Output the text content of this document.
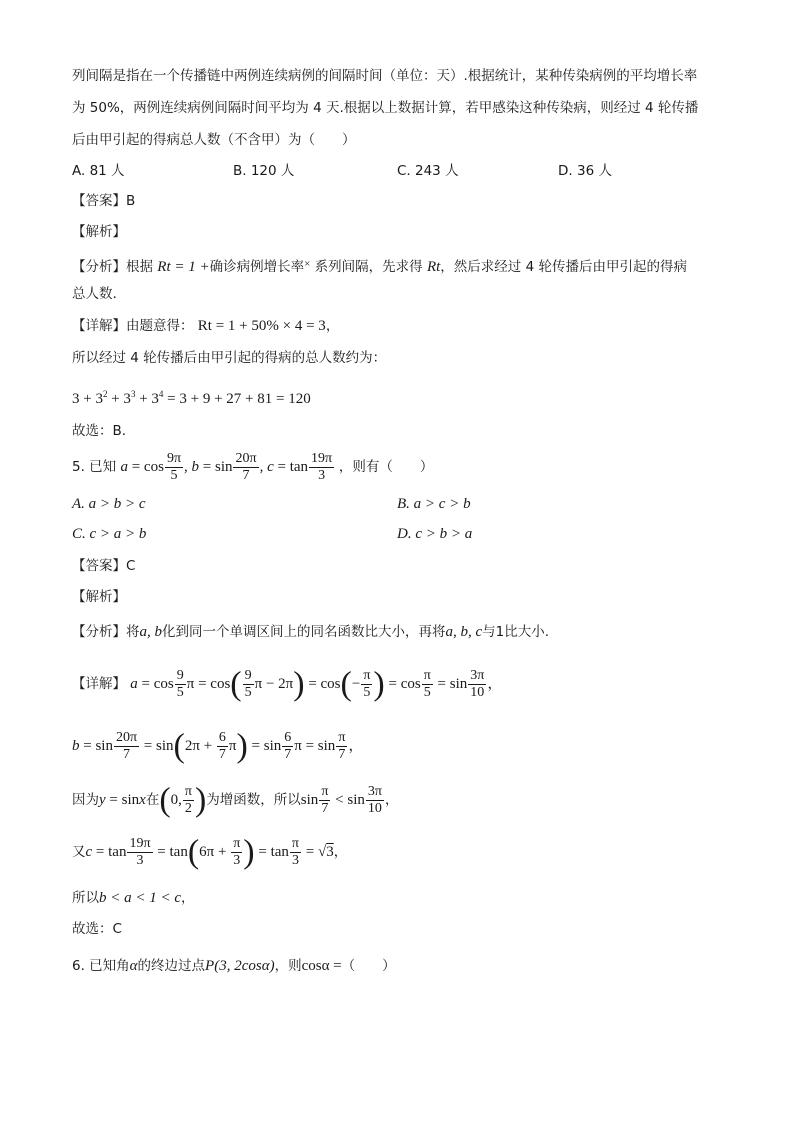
列间隔是指在一个传播链中两例连续病例的间隔时间（单位：天）.根据统计，某种传染病例的平均增长率
为 50%，两例连续病例间隔时间平均为 4 天.根据以上数据计算，若甲感染这种传染病，则经过 4 轮传播
后由甲引起的得病总人数（不含甲）为（　　）
A. 81 人	B. 120 人	C. 243 人	D. 36 人
【答案】B
【解析】
【分析】根据 Rt = 1 +确诊病例增长率× 系列间隔，先求得 Rt，然后求经过 4 轮传播后由甲引起的得病
总人数.
【详解】由题意得： Rt = 1 + 50% × 4 = 3，
所以经过 4 轮传播后由甲引起的得病的总人数约为：
$3 + 3^2 + 3^3 + 3^4 = 3 + 9 + 27 + 81 = 120$
故选：B.
5. 已知 $a = \cos \frac{9\pi}{5}$ , $b = \sin \frac{20\pi}{7}$ , $c = \tan \frac{19\pi}{3}$ ，则有（　　）
A. a > b > c	B. a > c > b
C. c > a > b	D. c > b > a
【答案】C
【解析】
【分析】将a, b化到同一个单调区间上的同名函数比大小，再将a, b, c与1比大小.
【详解】 $a = \cos \frac{9}{5}$ $\pi = \cos( \frac{9}{5}$ $\pi - 2\pi) = \cos(- \frac{\pi}{5}$ ) = $\cos \frac{\pi}{5} = \sin \frac{3\pi}{10}$ ，
$b = \sin \frac{20\pi}{7} = \sin(2\pi + \frac{6}{7} \pi) = \sin \frac{6}{7}$ $\pi = \sin \frac{\pi}{7}$ ，
因为y = sinx在(0, $\frac{\pi}{2}$ )为增函数，所以$\sin \frac{\pi}{7} < \sin \frac{3\pi}{10}$ ，
又$c = \tan \frac{19\pi}{3} = \tan(6\pi + \frac{\pi}{3}$ ) = $\tan \frac{\pi}{3} = √3$，
所以b < a < 1 < c，
故选：C
6. 已知角α的终边过点P(3, 2cosα)，则cosα =（　　）
